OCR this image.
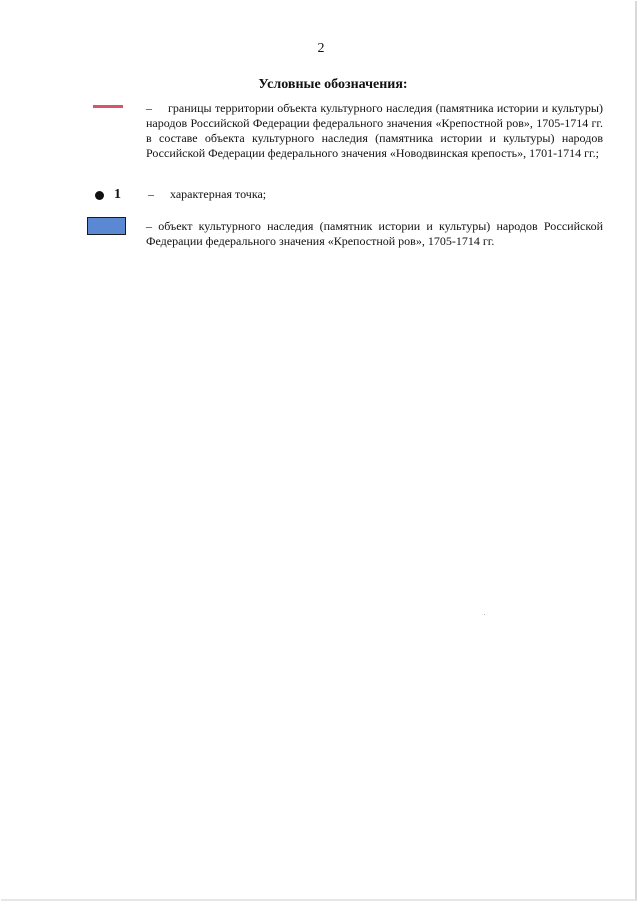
2
Условные обозначения:
– границы территории объекта культурного наследия (памятника истории и культуры) народов Российской Федерации федерального значения «Крепостной ров», 1705-1714 гг. в составе объекта культурного наследия (памятника истории и культуры) народов Российской Федерации федерального значения «Новодвинская крепость», 1701-1714 гг.;
1 – характерная точка;
– объект культурного наследия (памятник истории и культуры) народов Российской Федерации федерального значения «Крепостной ров», 1705-1714 гг.
